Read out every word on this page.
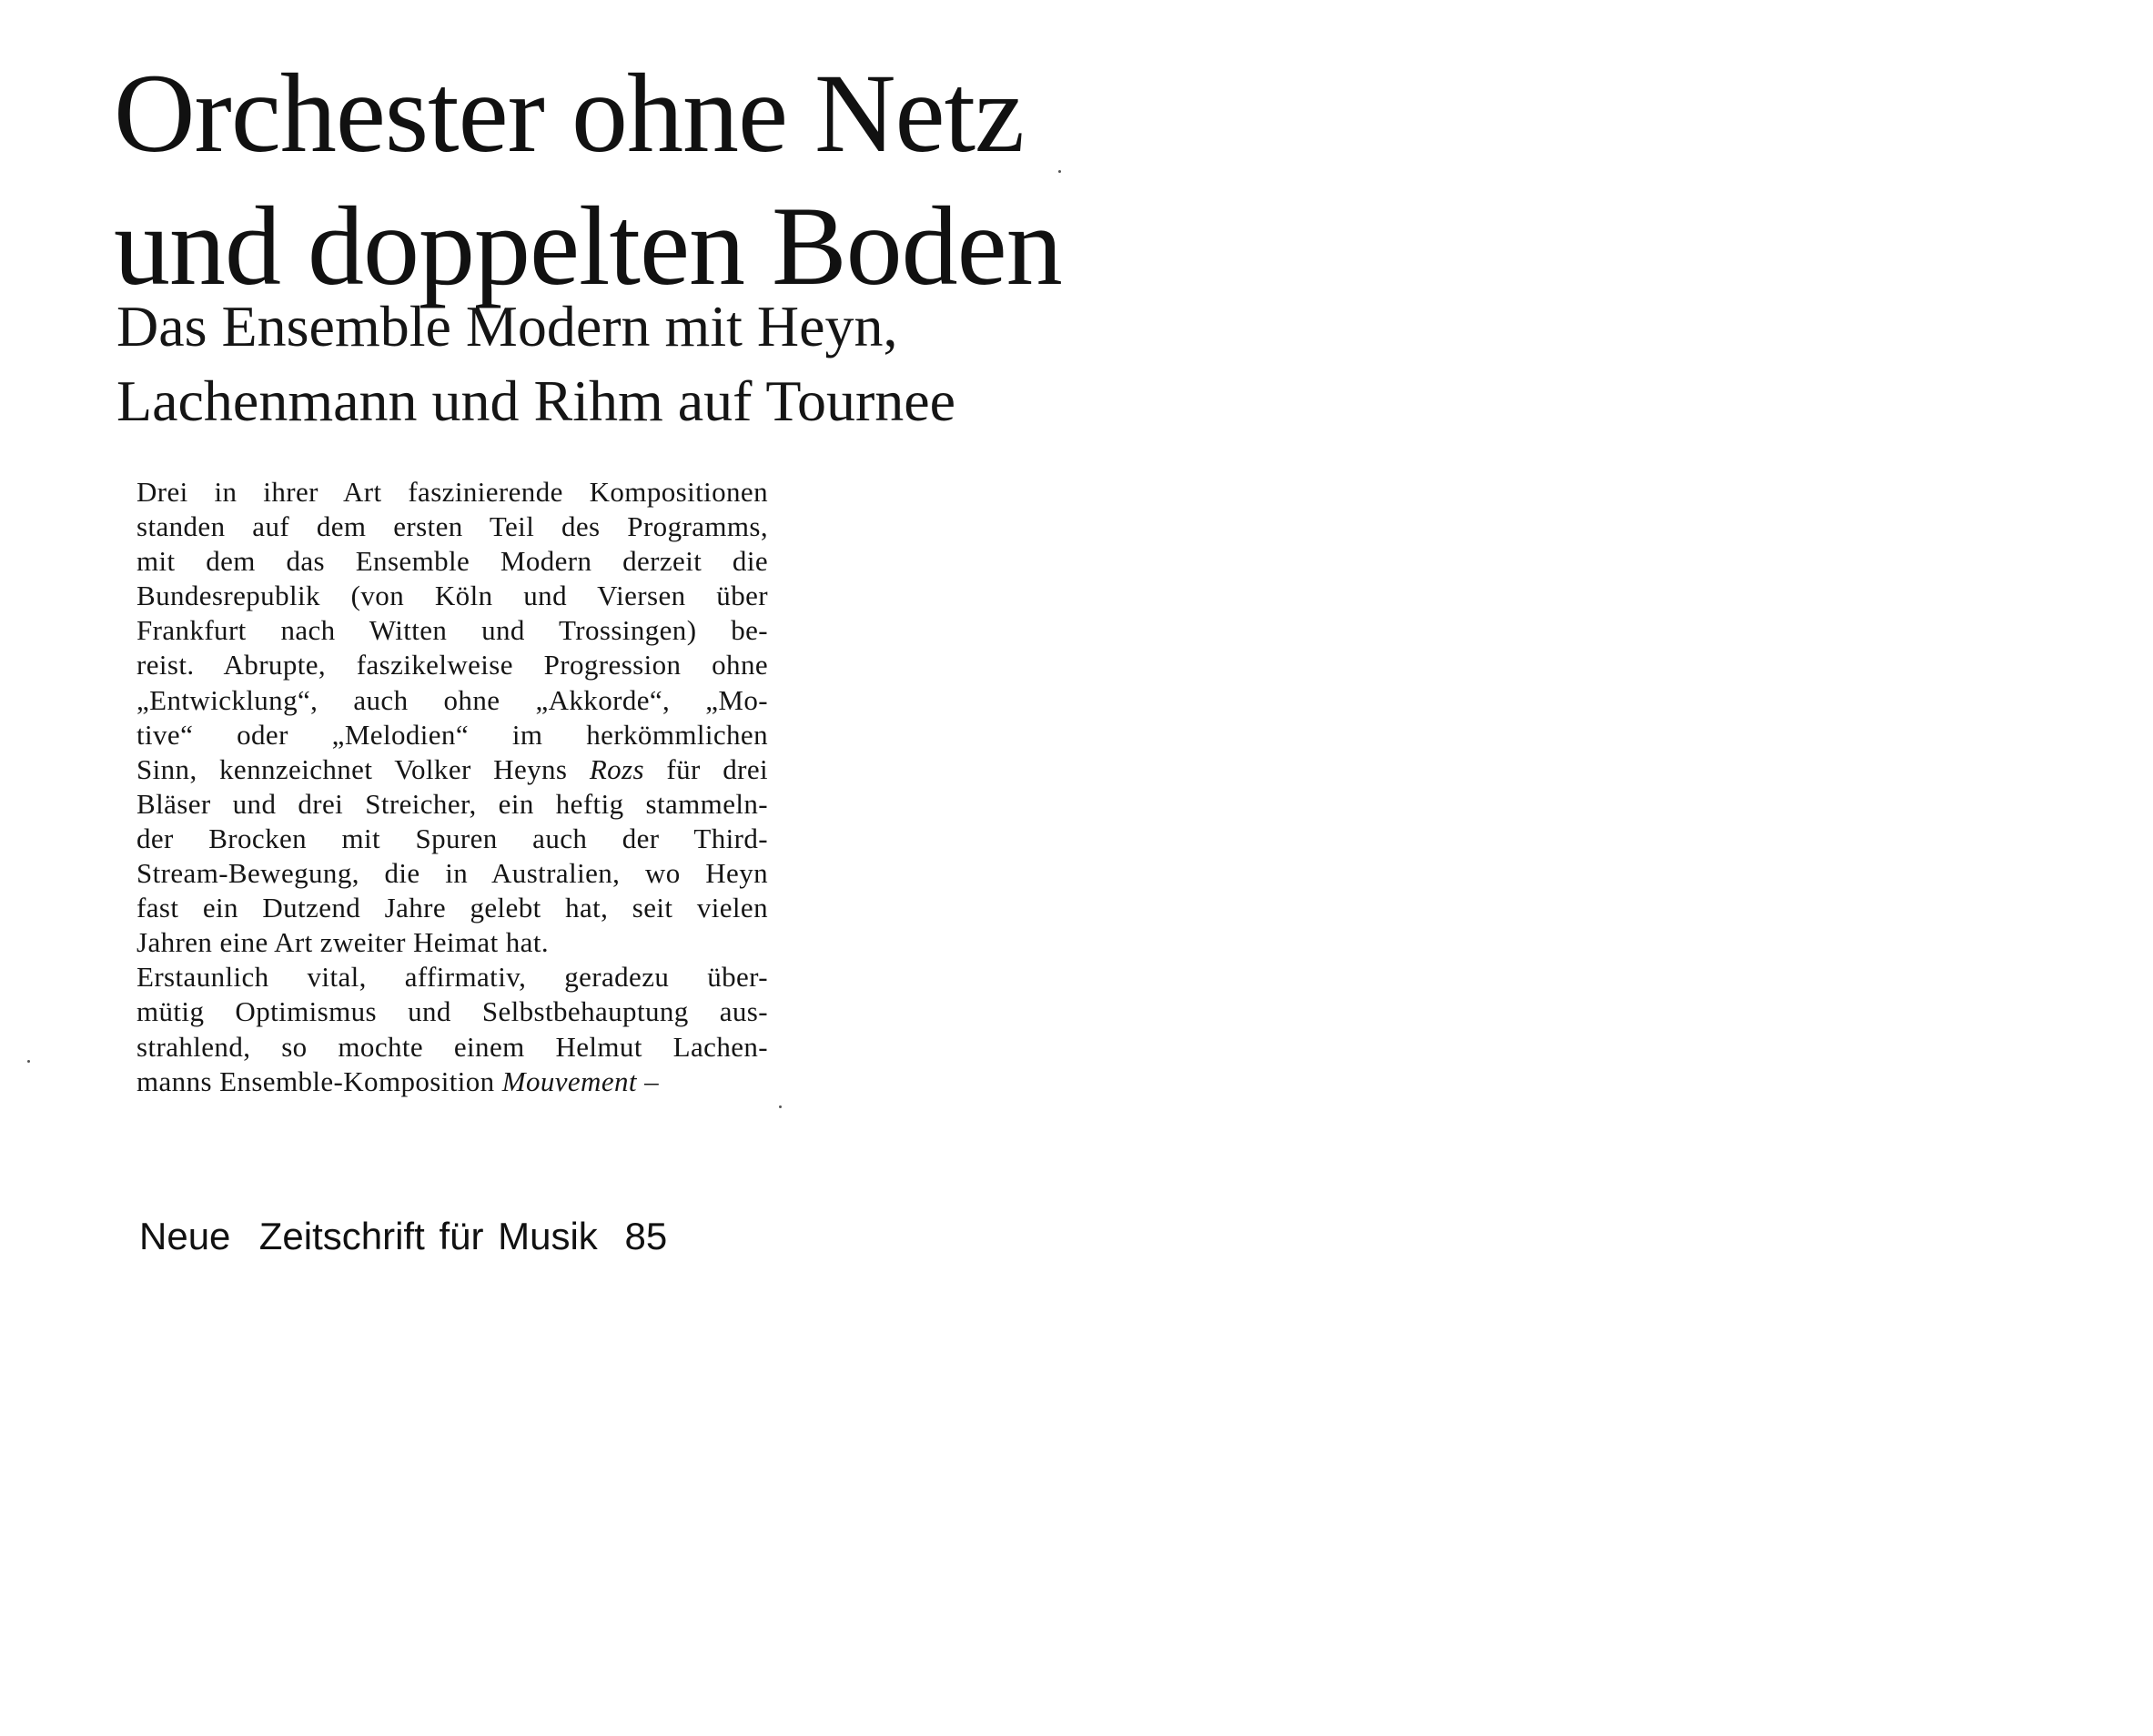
Orchester ohne Netz
und doppelten Boden
Das Ensemble Modern mit Heyn,
Lachenmann und Rihm auf Tournee
Drei in ihrer Art faszinierende Kompositionen
standen auf dem ersten Teil des Programms,
mit dem das Ensemble Modern derzeit die
Bundesrepublik (von Köln und Viersen über
Frankfurt nach Witten und Trossingen) be-
reist. Abrupte, faszikelweise Progression ohne
„Entwicklung“, auch ohne „Akkorde“, „Mo-
tive“ oder „Melodien“ im herkömmlichen
Sinn, kennzeichnet Volker Heyns Rozs für drei
Bläser und drei Streicher, ein heftig stammeln-
der Brocken mit Spuren auch der Third-
Stream-Bewegung, die in Australien, wo Heyn
fast ein Dutzend Jahre gelebt hat, seit vielen
Jahren eine Art zweiter Heimat hat.
Erstaunlich vital, affirmativ, geradezu über-
mütig Optimismus und Selbstbehauptung aus-
strahlend, so mochte einem Helmut Lachen-
manns Ensemble-Komposition Mouvement –
Neue  Zeitschrift für Musik 85
